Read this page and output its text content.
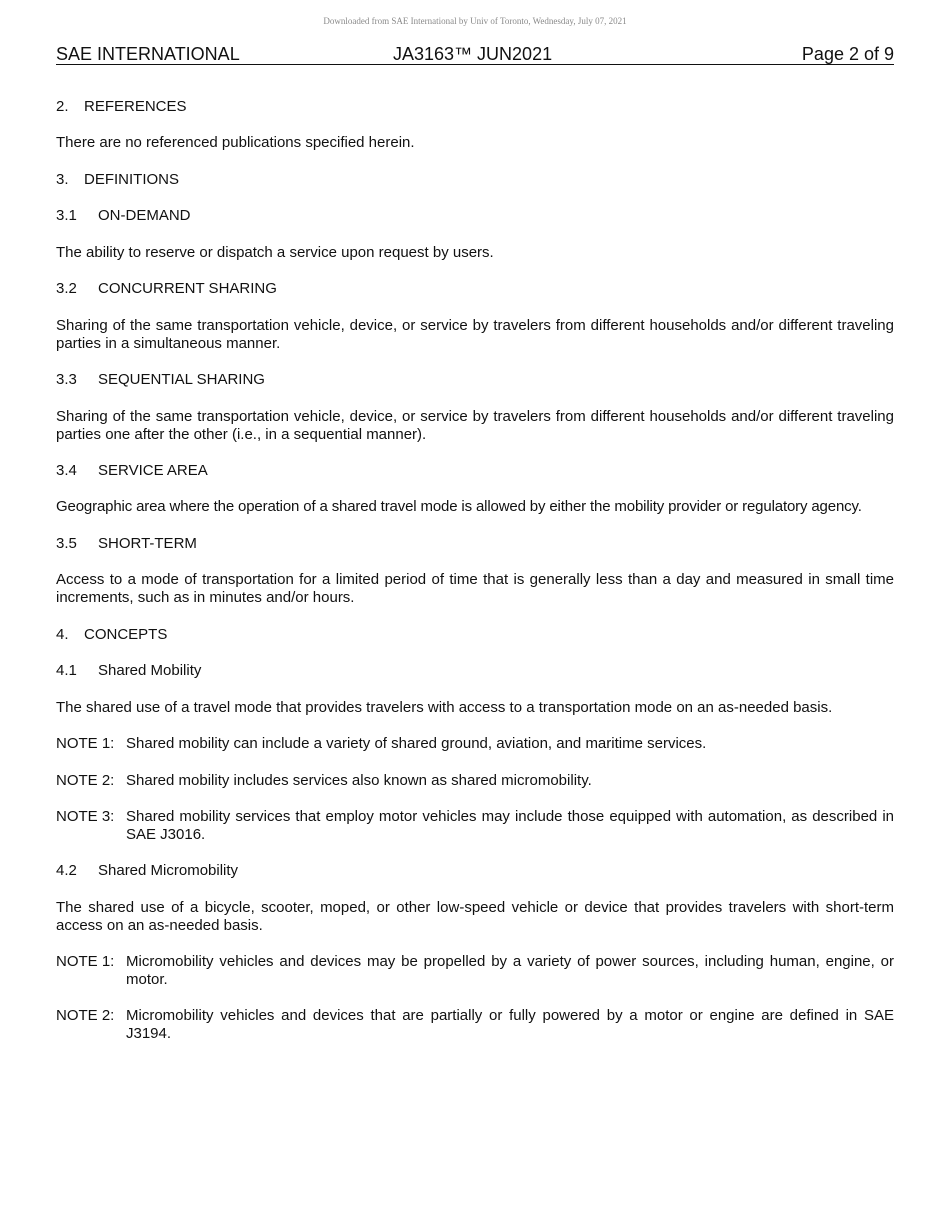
Downloaded from SAE International by Univ of Toronto, Wednesday, July 07, 2021
SAE INTERNATIONAL	JA3163™ JUN2021	Page 2 of 9
2. REFERENCES
There are no referenced publications specified herein.
3. DEFINITIONS
3.1 ON-DEMAND
The ability to reserve or dispatch a service upon request by users.
3.2 CONCURRENT SHARING
Sharing of the same transportation vehicle, device, or service by travelers from different households and/or different traveling parties in a simultaneous manner.
3.3 SEQUENTIAL SHARING
Sharing of the same transportation vehicle, device, or service by travelers from different households and/or different traveling parties one after the other (i.e., in a sequential manner).
3.4 SERVICE AREA
Geographic area where the operation of a shared travel mode is allowed by either the mobility provider or regulatory agency.
3.5 SHORT-TERM
Access to a mode of transportation for a limited period of time that is generally less than a day and measured in small time increments, such as in minutes and/or hours.
4. CONCEPTS
4.1 Shared Mobility
The shared use of a travel mode that provides travelers with access to a transportation mode on an as-needed basis.
NOTE 1: Shared mobility can include a variety of shared ground, aviation, and maritime services.
NOTE 2: Shared mobility includes services also known as shared micromobility.
NOTE 3: Shared mobility services that employ motor vehicles may include those equipped with automation, as described in SAE J3016.
4.2 Shared Micromobility
The shared use of a bicycle, scooter, moped, or other low-speed vehicle or device that provides travelers with short-term access on an as-needed basis.
NOTE 1: Micromobility vehicles and devices may be propelled by a variety of power sources, including human, engine, or motor.
NOTE 2: Micromobility vehicles and devices that are partially or fully powered by a motor or engine are defined in SAE J3194.
